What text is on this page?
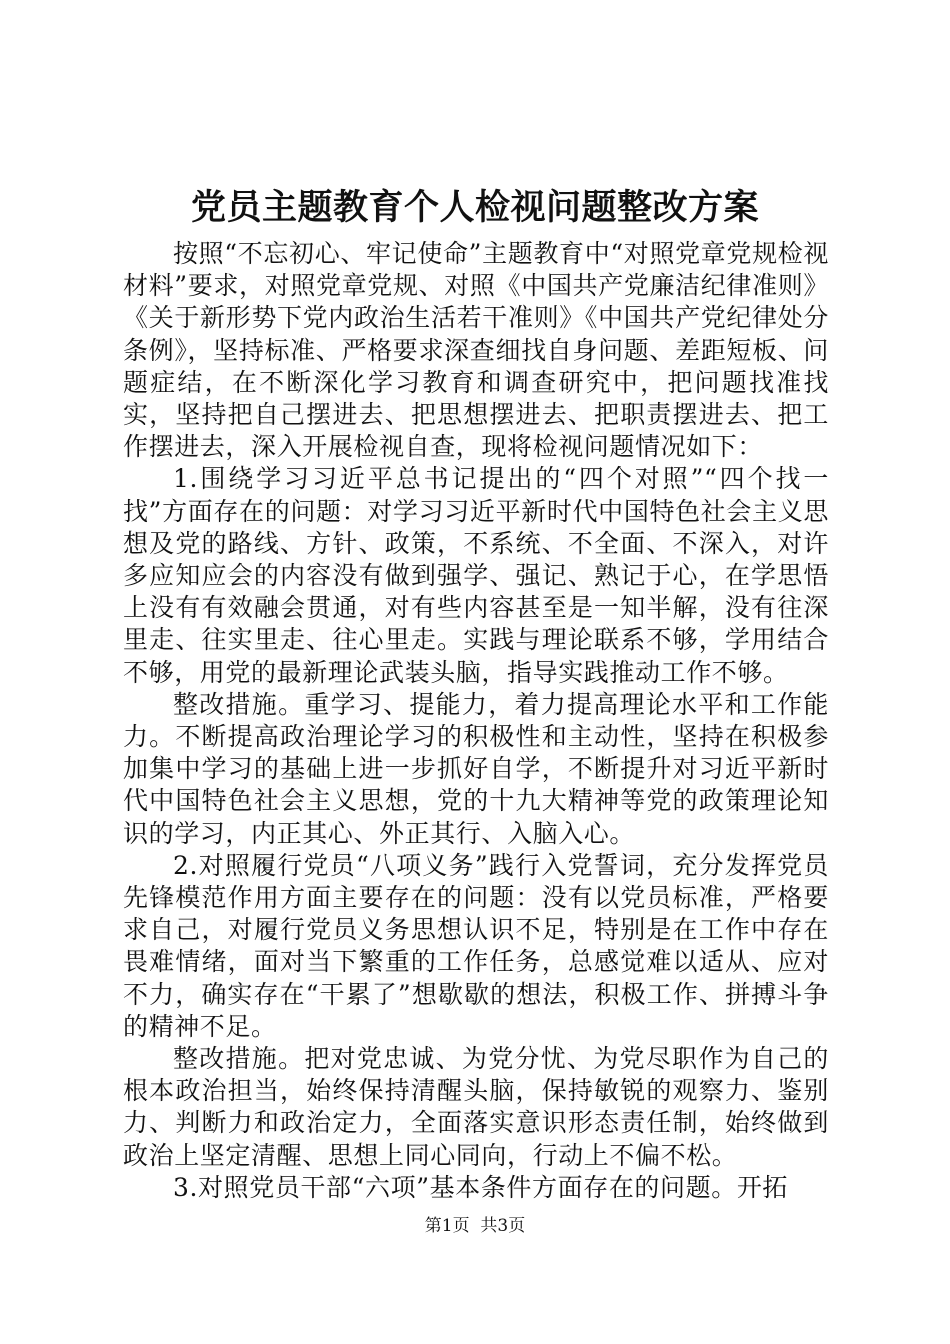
党员主题教育个人检视问题整改方案

按照“不忘初心、牢记使命”主题教育中“对照党章党规检视材料”要求，对照党章党规、对照《中国共产党廉洁纪律准则》《关于新形势下党内政治生活若干准则》《中国共产党纪律处分条例》，坚持标准、严格要求深查细找自身问题、差距短板、问题症结，在不断深化学习教育和调查研究中，把问题找准找实，坚持把自己摆进去、把思想摆进去、把职责摆进去、把工作摆进去，深入开展检视自查，现将检视问题情况如下：

1.围绕学习习近平总书记提出的“四个对照”“四个找一找”方面存在的问题：对学习习近平新时代中国特色社会主义思想及党的路线、方针、政策，不系统、不全面、不深入，对许多应知应会的内容没有做到强学、强记、熟记于心，在学思悟上没有有效融会贯通，对有些内容甚至是一知半解，没有往深里走、往实里走、往心里走。实践与理论联系不够，学用结合不够，用党的最新理论武装头脑，指导实践推动工作不够。

整改措施。重学习、提能力，着力提高理论水平和工作能力。不断提高政治理论学习的积极性和主动性，坚持在积极参加集中学习的基础上进一步抓好自学，不断提升对习近平新时代中国特色社会主义思想，党的十九大精神等党的政策理论知识的学习，内正其心、外正其行、入脑入心。

2.对照履行党员“八项义务”践行入党誓词，充分发挥党员先锋模范作用方面主要存在的问题：没有以党员标准，严格要求自己，对履行党员义务思想认识不足，特别是在工作中存在畏难情绪，面对当下繁重的工作任务，总感觉难以适从、应对不力，确实存在“干累了”想歇歇的想法，积极工作、拼搏斗争的精神不足。

整改措施。把对党忠诚、为党分忧、为党尽职作为自己的根本政治担当，始终保持清醒头脑，保持敏锐的观察力、鉴别力、判断力和政治定力，全面落实意识形态责任制，始终做到政治上坚定清醒、思想上同心同向，行动上不偏不松。

3.对照党员干部“六项”基本条件方面存在的问题。开拓

第1页 共3页
